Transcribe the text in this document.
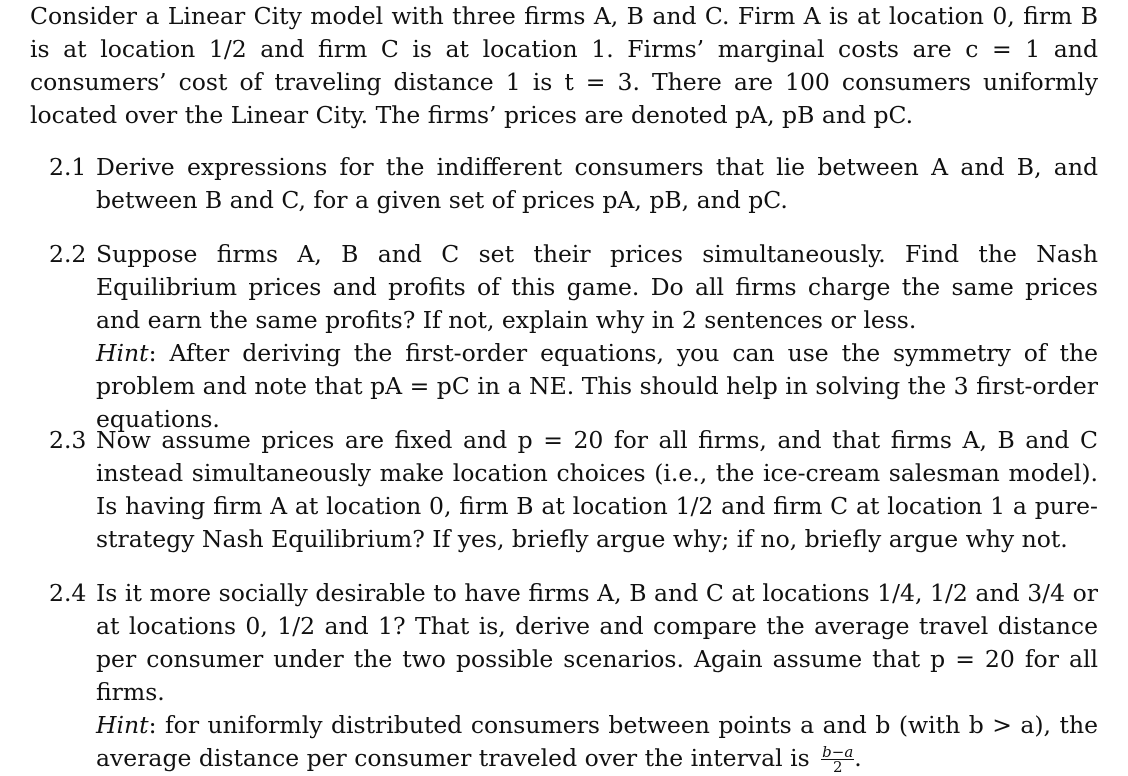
Consider a Linear City model with three firms A, B and C. Firm A is at location 0, firm B is at location 1/2 and firm C is at location 1. Firms’ marginal costs are c = 1 and consumers’ cost of traveling distance 1 is t = 3. There are 100 consumers uniformly located over the Linear City. The firms’ prices are denoted pA, pB and pC.
2.1 Derive expressions for the indifferent consumers that lie between A and B, and between B and C, for a given set of prices pA, pB, and pC.
2.2 Suppose firms A, B and C set their prices simultaneously. Find the Nash Equilibrium prices and profits of this game. Do all firms charge the same prices and earn the same profits? If not, explain why in 2 sentences or less.
Hint: After deriving the first-order equations, you can use the symmetry of the problem and note that pA = pC in a NE. This should help in solving the 3 first-order equations.
2.3 Now assume prices are fixed and p = 20 for all firms, and that firms A, B and C instead simultaneously make location choices (i.e., the ice-cream salesman model). Is having firm A at location 0, firm B at location 1/2 and firm C at location 1 a pure-strategy Nash Equilibrium? If yes, briefly argue why; if no, briefly argue why not.
2.4 Is it more socially desirable to have firms A, B and C at locations 1/4, 1/2 and 3/4 or at locations 0, 1/2 and 1? That is, derive and compare the average travel distance per consumer under the two possible scenarios. Again assume that p = 20 for all firms.
Hint: for uniformly distributed consumers between points a and b (with b > a), the average distance per consumer traveled over the interval is $\frac{b-a}{2}$ .
